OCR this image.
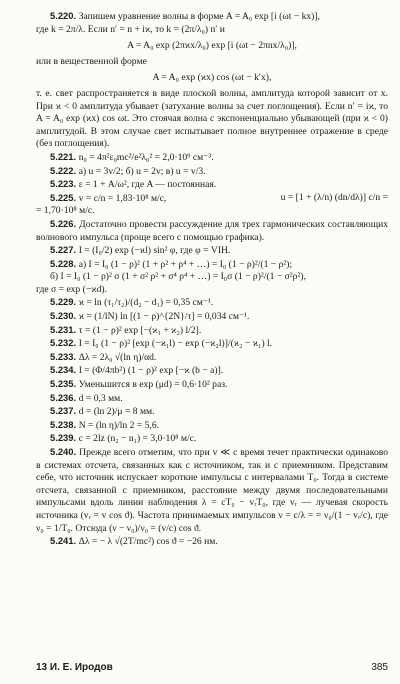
5.220. Запишем уравнение волны в форме A = A₀ exp [i (ωt − kx)],
где k = 2π/λ. Если n′ = n + iϰ, то k = (2π/λ₀) n′ и
A = A₀ exp (2πϰx/λ₀) exp [i (ωt − 2πnx/λ₀)],
или в вещественной форме
A = A₀ exp (ϰx) cos (ωt − k′x),
т. е. свет распространяется в виде плоской волны, амплитуда которой зависит от x. При ϰ < 0 амплитуда убывает (затухание волны за счет поглощения). Если n′ = iϰ, то A = A₀ exp (ϰx) cos ωt. Это стоячая волна с экспоненциально убывающей (при ϰ < 0) амплитудой. В этом случае свет испытывает полное внутреннее отражение в среде (без поглощения).
5.221. n₀ = 4π²ε₀mc²/e²λ₀² = 2,0·10⁹ см⁻³.
5.222. а) u = 3v/2; б) u = 2v; в) u = v/3.
5.223. ε = 1 + A/ω², где A — постоянная.
5.225. v = c/n = 1,83·10⁸ м/с,	u = [1 + (λ/n) (dn/dλ)] c/n =
= 1,70·10⁸ м/с.
5.226. Достаточно провести рассуждение для трех гармонических составляющих волнового импульса (проще всего с помощью графика).
5.227. I = (I₀/2) exp (−ϰl) sin² φ, где φ = VIH.
5.228. а) I = I₀ (1 − ρ)² (1 + ρ² + ρ⁴ + …) = I₀ (1 − ρ)²/(1 − ρ²);
б) I = I₀ (1 − ρ)² σ (1 + σ² ρ² + σ⁴ ρ⁴ + …) = I₀σ (1 − ρ)²/(1 − σ²ρ²),
где σ = exp (−ϰd).
5.229. ϰ = ln (τ₁/τ₂)/(d₂ − d₁) = 0,35 см⁻¹.
5.230. ϰ = (1/lN) ln [(1 − ρ)^{2N}/τ] = 0,034 см⁻¹.
5.231. τ = (1 − ρ)² exp [−(ϰ₁ + ϰ₂) l/2].
5.232. I = I₀ (1 − ρ)² [exp (−ϰ₁l) − exp (−ϰ₂l)]/(ϰ₂ − ϰ₁) l.
5.233. Δλ = 2λ₀ √(ln η)/αd.
5.234. I = (Φ/4πb²) (1 − ρ)² exp [−ϰ (b − a)].
5.235. Уменьшится в exp (μd) = 0,6·10² раз.
5.236. d = 0,3 мм.
5.237. d = (ln 2)/μ = 8 мм.
5.238. N = (ln η)/ln 2 = 5,6.
5.239. c = 2lz (n₂ − n₁) = 3,0·10⁸ м/с.
5.240. Прежде всего отметим, что при v ≪ c время течет практически одинаково в системах отсчета, связанных как с источником, так и с приемником. Представим себе, что источник испускает короткие импульсы с интервалами T₀. Тогда в системе отсчета, связанной с приемником, расстояние между двумя последовательными импульсами вдоль линии наблюдения λ = cT₀ − vᵣT₀, где vᵣ — лучевая скорость источника (vᵣ = v cos ϑ). Частота принимаемых импульсов ν = c/λ = = ν₀/(1 − vᵣ/c), где ν₀ = 1/T₀. Отсюда (ν − ν₀)/ν₀ = (v/c) cos ϑ.
5.241. Δλ = − λ √(2T/mc²) cos ϑ = −26 нм.
13 И. Е. Иродов	385
